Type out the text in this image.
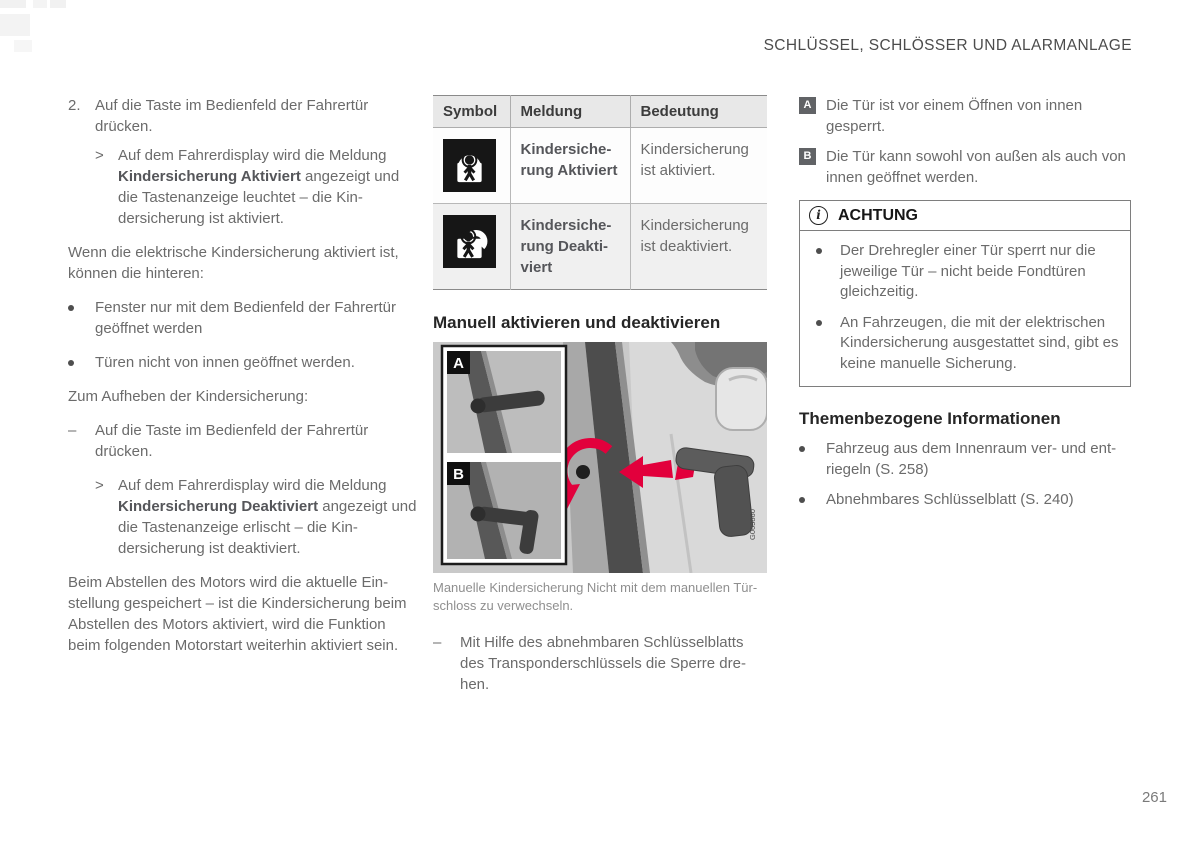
SCHLÜSSEL, SCHLÖSSER UND ALARMANLAGE
2. Auf die Taste im Bedienfeld der Fahrertür drücken.
> Auf dem Fahrerdisplay wird die Meldung Kindersicherung Aktiviert angezeigt und die Tastenanzeige leuchtet – die Kindersicherung ist aktiviert.
Wenn die elektrische Kindersicherung aktiviert ist, können die hinteren:
Fenster nur mit dem Bedienfeld der Fahrertür geöffnet werden
Türen nicht von innen geöffnet werden.
Zum Aufheben der Kindersicherung:
–	Auf die Taste im Bedienfeld der Fahrertür drücken.
> Auf dem Fahrerdisplay wird die Meldung Kindersicherung Deaktiviert angezeigt und die Tastenanzeige erlischt – die Kindersicherung ist deaktiviert.
Beim Abstellen des Motors wird die aktuelle Einstellung gespeichert – ist die Kindersicherung beim Abstellen des Motors aktiviert, wird die Funktion beim folgenden Motorstart weiterhin aktiviert sein.
Symbol	Meldung	Bedeutung

	Kindersicherung Aktiviert	Kindersicherung ist aktiviert.

	Kindersicherung Deaktiviert	Kindersicherung ist deaktiviert.
Manuell aktivieren und deaktivieren
A
B
G063860
Manuelle Kindersicherung Nicht mit dem manuellen Türschloss zu verwechseln.
–	Mit Hilfe des abnehmbaren Schlüsselblatts des Transponderschlüssels die Sperre drehen.
A Die Tür ist vor einem Öffnen von innen gesperrt.
B Die Tür kann sowohl von außen als auch von innen geöffnet werden.
i	ACHTUNG
Der Drehregler einer Tür sperrt nur die jeweilige Tür – nicht beide Fondtüren gleichzeitig.
An Fahrzeugen, die mit der elektrischen Kindersicherung ausgestattet sind, gibt es keine manuelle Sicherung.
Themenbezogene Informationen
Fahrzeug aus dem Innenraum ver- und entriegeln (S. 258)
Abnehmbares Schlüsselblatt (S. 240)
261
